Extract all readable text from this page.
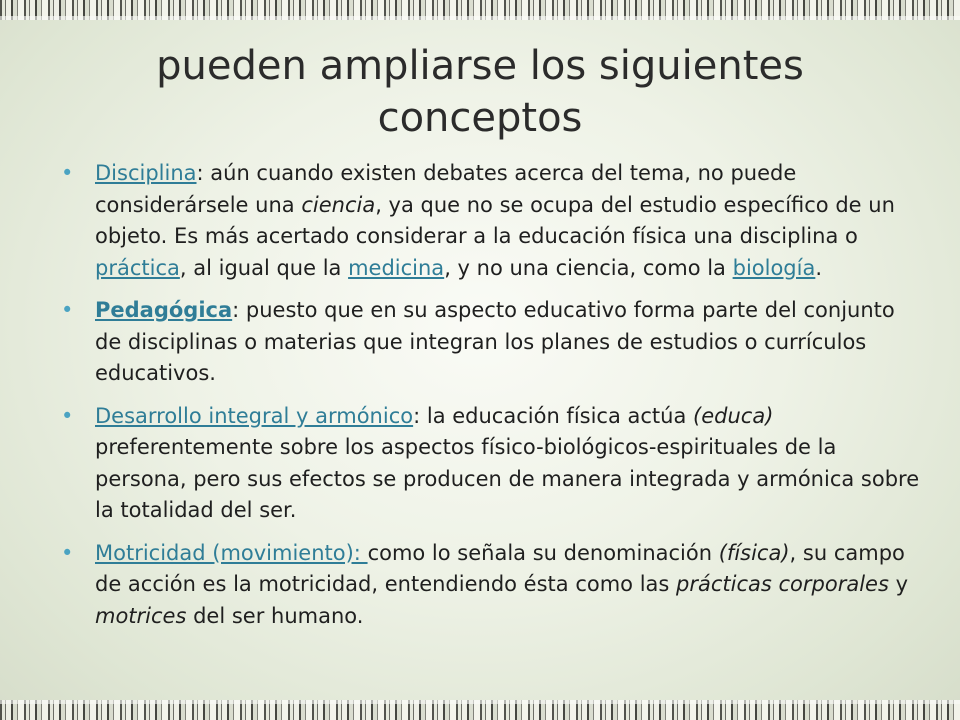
pueden ampliarse los siguientes conceptos
• Disciplina: aún cuando existen debates acerca del tema, no puede considerársele una ciencia, ya que no se ocupa del estudio específico de un objeto. Es más acertado considerar a la educación física una disciplina o práctica, al igual que la medicina, y no una ciencia, como la biología.
• Pedagógica: puesto que en su aspecto educativo forma parte del conjunto de disciplinas o materias que integran los planes de estudios o currículos educativos.
• Desarrollo integral y armónico: la educación física actúa (educa) preferentemente sobre los aspectos físico-biológicos-espirituales de la persona, pero sus efectos se producen de manera integrada y armónica sobre la totalidad del ser.
• Motricidad (movimiento): como lo señala su denominación (física), su campo de acción es la motricidad, entendiendo ésta como las prácticas corporales y motrices del ser humano.
